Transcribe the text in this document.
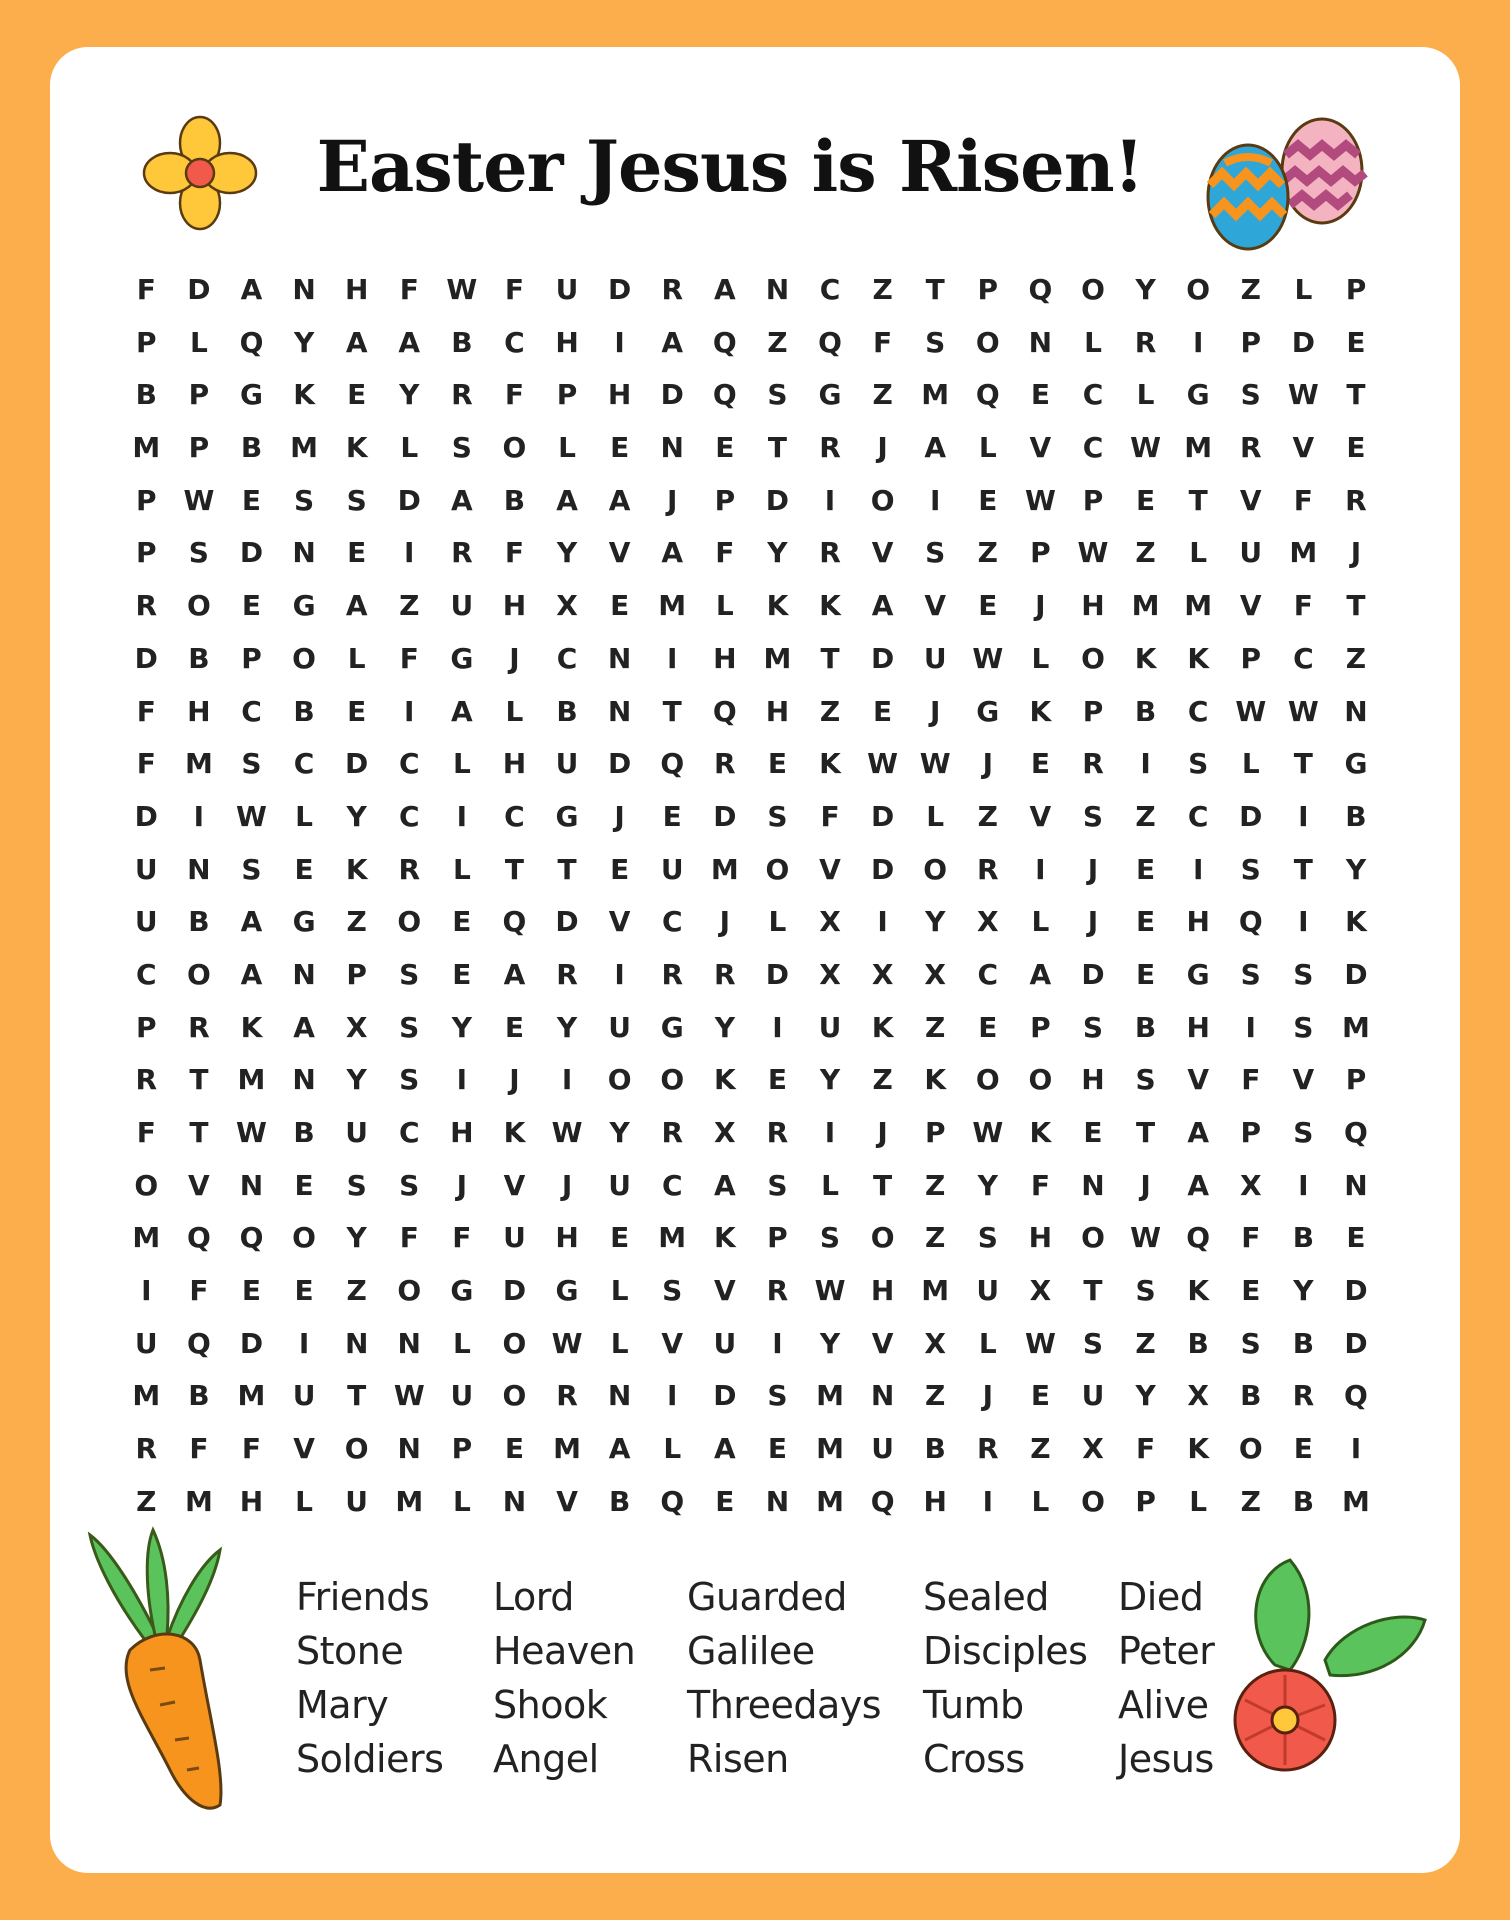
Easter Jesus is Risen!
F D A N H F W F U D R A N C Z T P Q O Y O Z L P
P L Q Y A A B C H I A Q Z Q F S O N L R I P D E
B P G K E Y R F P H D Q S G Z M Q E C L G S W T
M P B M K L S O L E N E T R J A L V C W M R V E
P W E S S D A B A A J P D I O I E W P E T V F R
P S D N E I R F Y V A F Y R V S Z P W Z L U M J
R O E G A Z U H X E M L K K A V E J H M M V F T
D B P O L F G J C N I H M T D U W L O K K P C Z
F H C B E I A L B N T Q H Z E J G K P B C W W N
F M S C D C L H U D Q R E K W W J E R I S L T G
D I W L Y C I C G J E D S F D L Z V S Z C D I B
U N S E K R L T T E U M O V D O R I J E I S T Y
U B A G Z O E Q D V C J L X I Y X L J E H Q I K
C O A N P S E A R I R R D X X X C A D E G S S D
P R K A X S Y E Y U G Y I U K Z E P S B H I S M
R T M N Y S I J I O O K E Y Z K O O H S V F V P
F T W B U C H K W Y R X R I J P W K E T A P S Q
O V N E S S J V J U C A S L T Z Y F N J A X I N
M Q Q O Y F F U H E M K P S O Z S H O W Q F B E
I F E E Z O G D G L S V R W H M U X T S K E Y D
U Q D I N N L O W L V U I Y V X L W S Z B S B D
M B M U T W U O R N I D S M N Z J E U Y X B R Q
R F F V O N P E M A L A E M U B R Z X F K O E I
Z M H L U M L N V B Q E N M Q H I L O P L Z B M
Friends
Stone
Mary
Soldiers
Lord
Heaven
Shook
Angel
Guarded
Galilee
Threedays
Risen
Sealed
Disciples
Tumb
Cross
Died
Peter
Alive
Jesus
